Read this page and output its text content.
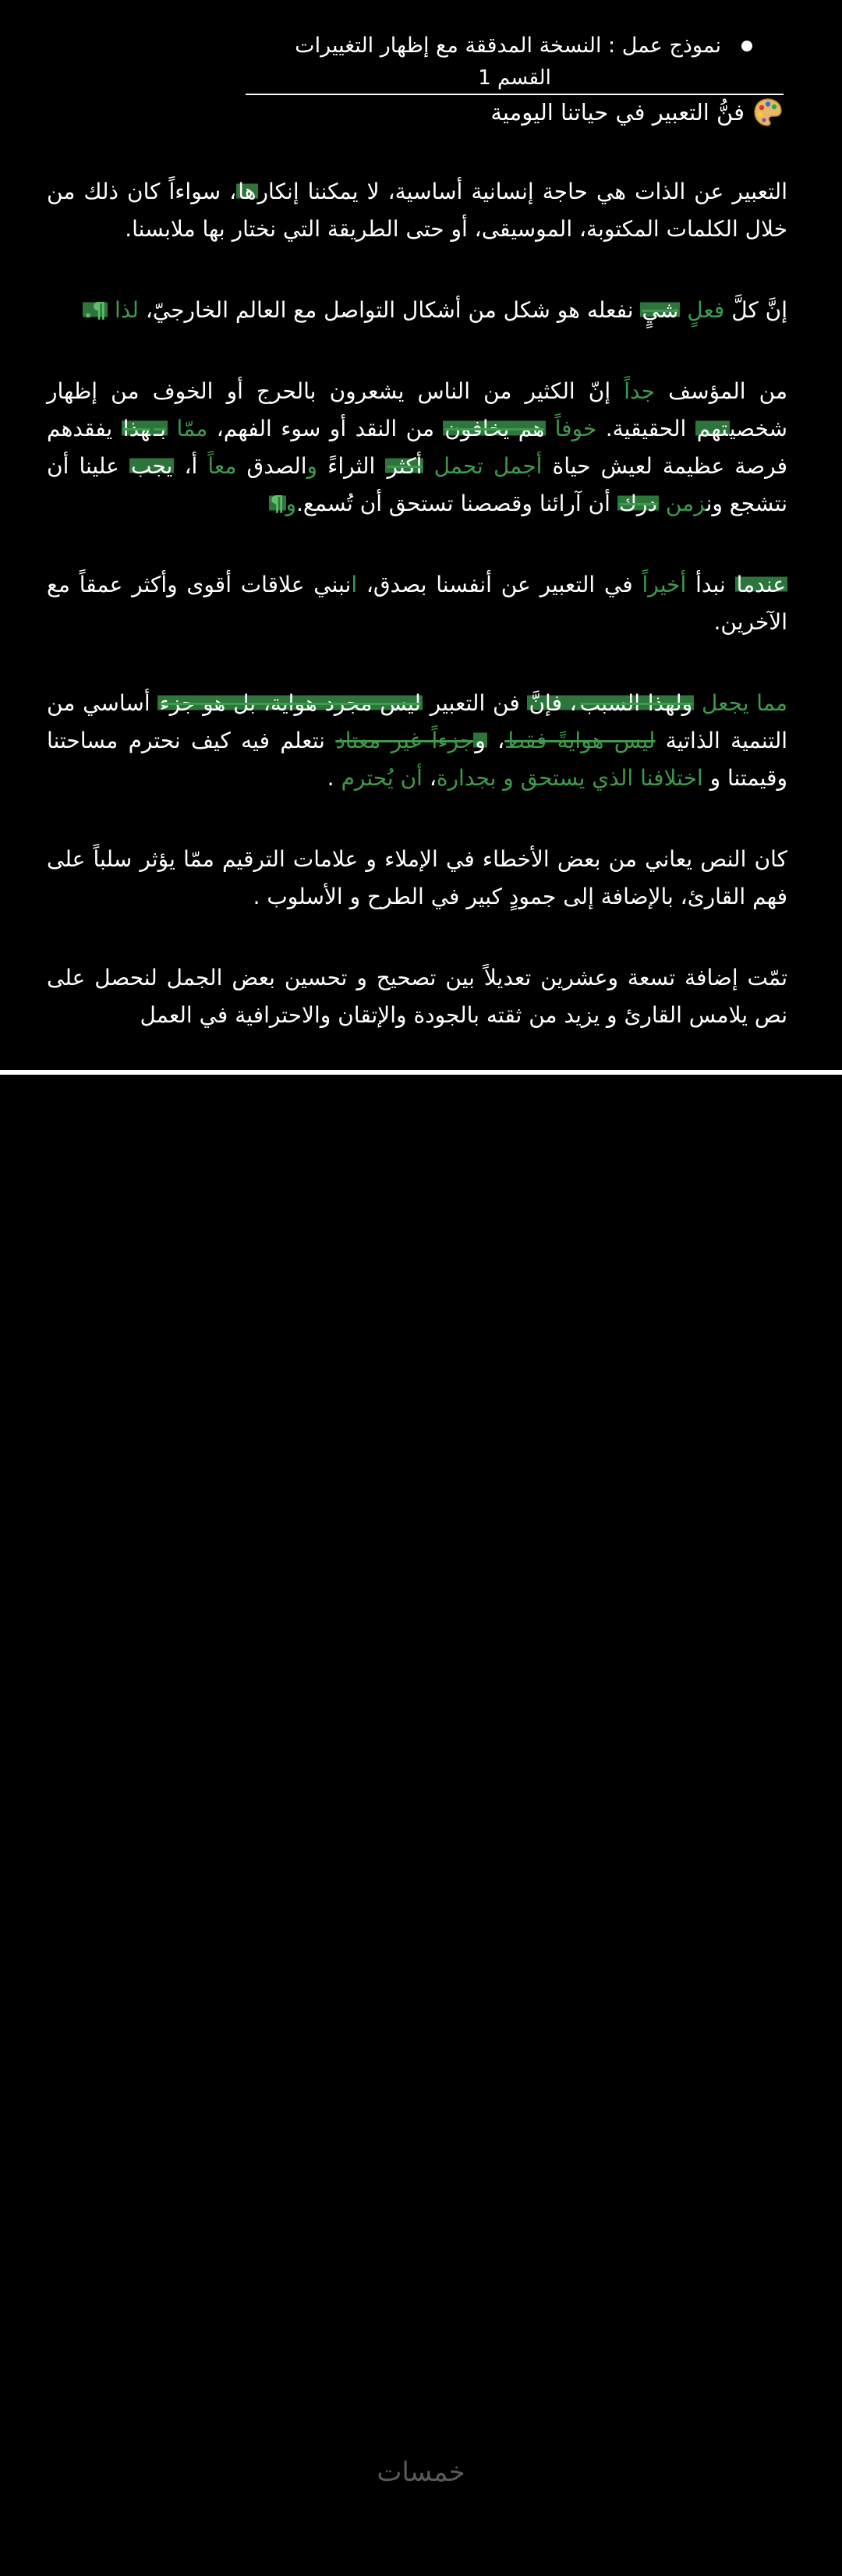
نموذج عمل : النسخة المدققة مع إظهار التغييرات
القسم 1
فنُّ التعبير في حياتنا اليومية

التعبير عن الذات هي حاجة إنسانية أساسية، لا يمكننا إنكارها، سواءاً كان ذلك من خلال الكلمات المكتوبة، الموسيقى، أو حتى الطريقة التي نختار بها ملابسنا.

إنَّ كلَّ فعلٍ شيٍ نفعله هو شكل من أشكال التواصل مع العالم الخارجيّ، لذا ¶.

من المؤسف جداً إنّ الكثير من الناس يشعرون بالحرج أو الخوف من إظهار شخصيتهم الحقيقية. خوفاً هم يخافون من النقد أو سوء الفهم، ممّا بـهذا يفقدهم فرصة عظيمة لعيش حياة أجمل تحمل أكثر الثراءً والصدق معاً أ، يجب علينا أن نتشجع ونزمن درك أن آرائنا وقصصنا تستحق أن تُسمع.و¶

عندما نبدأ أخيراً في التعبير عن أنفسنا بصدق، انبني علاقات أقوى وأكثر عمقاً مع الآخرين.

مما يجعل ولهذا السبب، فإنَّ فن التعبير ليس مجرد هواية، بل هو جزء أساسي من التنمية الذاتية ليس هوايةً فقط، وجزءاً غير معتاد نتعلم فيه كيف نحترم مساحتنا وقيمتنا و اختلافنا الذي يستحق و بجدارة، أن يُحترم .

كان النص يعاني من بعض الأخطاء في الإملاء و علامات الترقيم ممّا يؤثر سلباً على فهم القارئ، بالإضافة إلى جمودٍ كبير في الطرح و الأسلوب .

تمّت إضافة تسعة وعشرين تعديلاً بين تصحيح و تحسين بعض الجمل لنحصل على نص يلامس القارئ و يزيد من ثقته بالجودة والإتقان والاحترافية في العمل

خمسات
